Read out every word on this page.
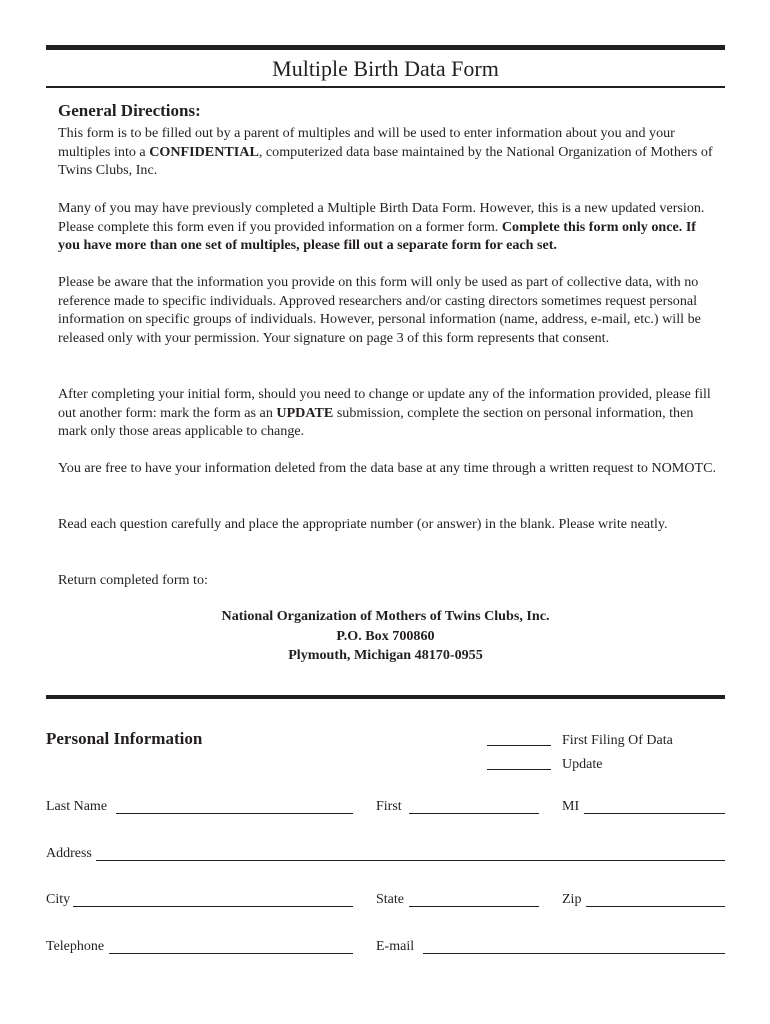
Multiple Birth Data Form
General Directions:

This form is to be filled out by a parent of multiples and will be used to enter information about you and your multiples into a CONFIDENTIAL, computerized data base maintained by the National Organization of Mothers of Twins Clubs, Inc.

Many of you may have previously completed a Multiple Birth Data Form. However, this is a new updated version. Please complete this form even if you provided information on a former form. Complete this form only once. If you have more than one set of multiples, please fill out a separate form for each set.

Please be aware that the information you provide on this form will only be used as part of collective data, with no reference made to specific individuals. Approved researchers and/or casting directors sometimes request personal information on specific groups of individuals. However, personal information (name, address, e-mail, etc.) will be released only with your permission. Your signature on page 3 of this form represents that consent.

After completing your initial form, should you need to change or update any of the information provided, please fill out another form: mark the form as an UPDATE submission, complete the section on personal information, then mark only those areas applicable to change.

You are free to have your information deleted from the data base at any time through a written request to NOMOTC.

Read each question carefully and place the appropriate number (or answer) in the blank. Please write neatly.

Return completed form to:

National Organization of Mothers of Twins Clubs, Inc.
P.O. Box 700860
Plymouth, Michigan 48170-0955
Personal Information	First Filing Of Data
Update
Last Name	First	MI
Address
City	State	Zip
Telephone	E-mail
